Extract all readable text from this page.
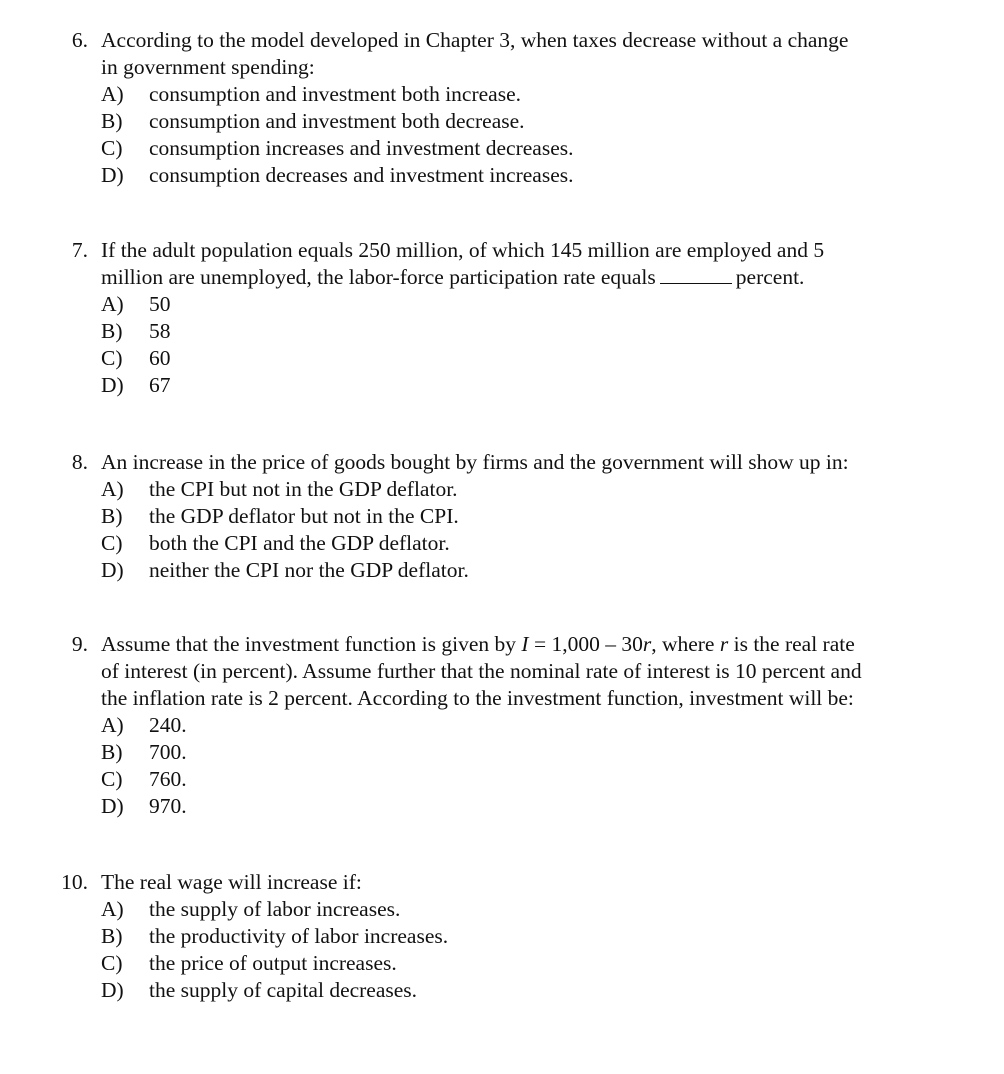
6. According to the model developed in Chapter 3, when taxes decrease without a change
in government spending:
A) consumption and investment both increase.
B) consumption and investment both decrease.
C) consumption increases and investment decreases.
D) consumption decreases and investment increases.
7. If the adult population equals 250 million, of which 145 million are employed and 5
million are unemployed, the labor-force participation rate equals	percent.
A) 50
B) 58
C) 60
D) 67
8. An increase in the price of goods bought by firms and the government will show up in:
A) the CPI but not in the GDP deflator.
B) the GDP deflator but not in the CPI.
C) both the CPI and the GDP deflator.
D) neither the CPI nor the GDP deflator.
9. Assume that the investment function is given by I = 1,000 – 30r, where r is the real rate
of interest (in percent). Assume further that the nominal rate of interest is 10 percent and
the inflation rate is 2 percent. According to the investment function, investment will be:
A) 240.
B) 700.
C) 760.
D) 970.
10. The real wage will increase if:
A) the supply of labor increases.
B) the productivity of labor increases.
C) the price of output increases.
D) the supply of capital decreases.
